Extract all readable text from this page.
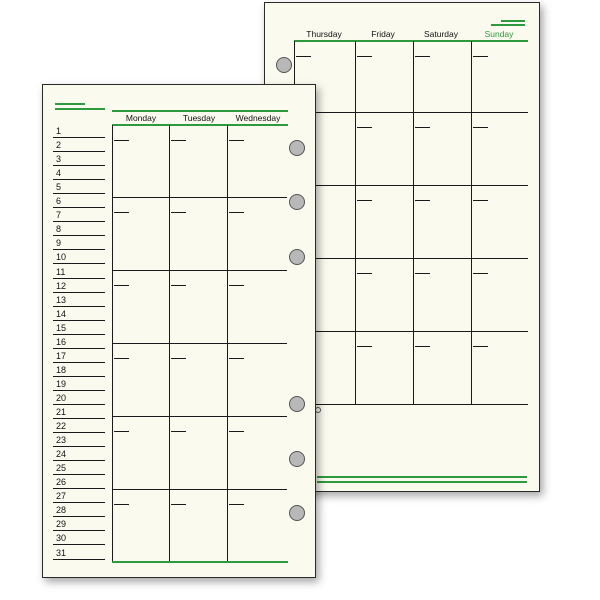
Thursday	Friday	Saturday	Sunday
1
2
3
4
5
6
7
8
9
10
11
12
13
14
15
16
17
18
19
20
21
22
23
24
25
26
27
28
29
30
31
Monday	Tuesday	Wednesday
